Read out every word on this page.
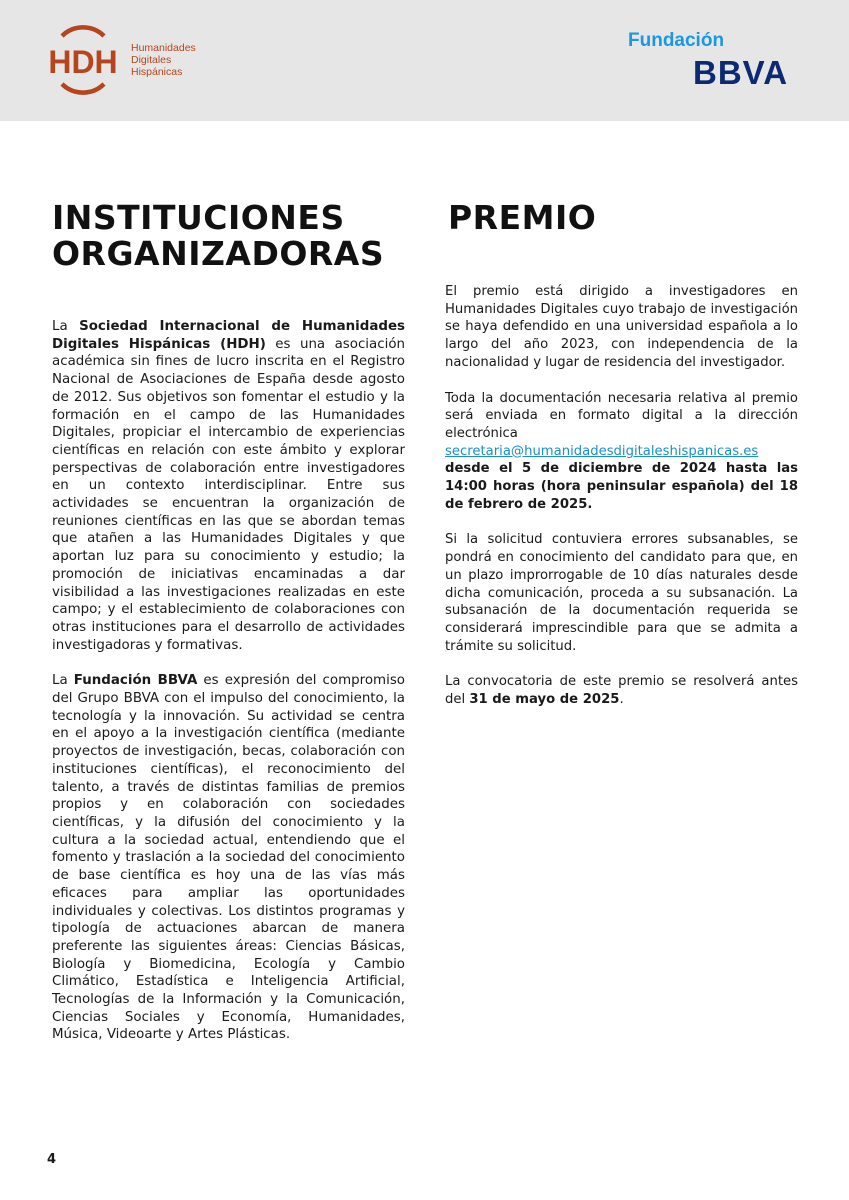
HDH Humanidades
Digitales
Hispánicas
Fundación
BBVA
INSTITUCIONES
ORGANIZADORAS

La Sociedad Internacional de Humanidades Digitales Hispánicas (HDH) es una asociación académica sin fines de lucro inscrita en el Registro Nacional de Asociaciones de España desde agosto de 2012. Sus objetivos son fomentar el estudio y la formación en el campo de las Humanidades Digitales, propiciar el intercambio de experiencias científicas en relación con este ámbito y explorar perspectivas de colaboración entre investigadores en un contexto interdisciplinar. Entre sus actividades se encuentran la organización de reuniones científicas en las que se abordan temas que atañen a las Humanidades Digitales y que aportan luz para su conocimiento y estudio; la promoción de iniciativas encaminadas a dar visibilidad a las investigaciones realizadas en este campo; y el establecimiento de colaboraciones con otras instituciones para el desarrollo de actividades investigadoras y formativas.

La Fundación BBVA es expresión del compromiso del Grupo BBVA con el impulso del conocimiento, la tecnología y la innovación. Su actividad se centra en el apoyo a la investigación científica (mediante proyectos de investigación, becas, colaboración con instituciones científicas), el reconocimiento del talento, a través de distintas familias de premios propios y en colaboración con sociedades científicas, y la difusión del conocimiento y la cultura a la sociedad actual, entendiendo que el fomento y traslación a la sociedad del conocimiento de base científica es hoy una de las vías más eficaces para ampliar las oportunidades individuales y colectivas. Los distintos programas y tipología de actuaciones abarcan de manera preferente las siguientes áreas: Ciencias Básicas, Biología y Biomedicina, Ecología y Cambio Climático, Estadística e Inteligencia Artificial, Tecnologías de la Información y la Comunicación, Ciencias Sociales y Economía, Humanidades, Música, Videoarte y Artes Plásticas.

PREMIO

El premio está dirigido a investigadores en Humanidades Digitales cuyo trabajo de investigación se haya defendido en una universidad española a lo largo del año 2023, con independencia de la nacionalidad y lugar de residencia del investigador.

Toda la documentación necesaria relativa al premio será enviada en formato digital a la dirección electrónica secretaria@humanidadesdigitaleshispanicas.es desde el 5 de diciembre de 2024 hasta las 14:00 horas (hora peninsular española) del 18 de febrero de 2025.

Si la solicitud contuviera errores subsanables, se pondrá en conocimiento del candidato para que, en un plazo improrrogable de 10 días naturales desde dicha comunicación, proceda a su subsanación. La subsanación de la documentación requerida se considerará imprescindible para que se admita a trámite su solicitud.

La convocatoria de este premio se resolverá antes del 31 de mayo de 2025.

4
